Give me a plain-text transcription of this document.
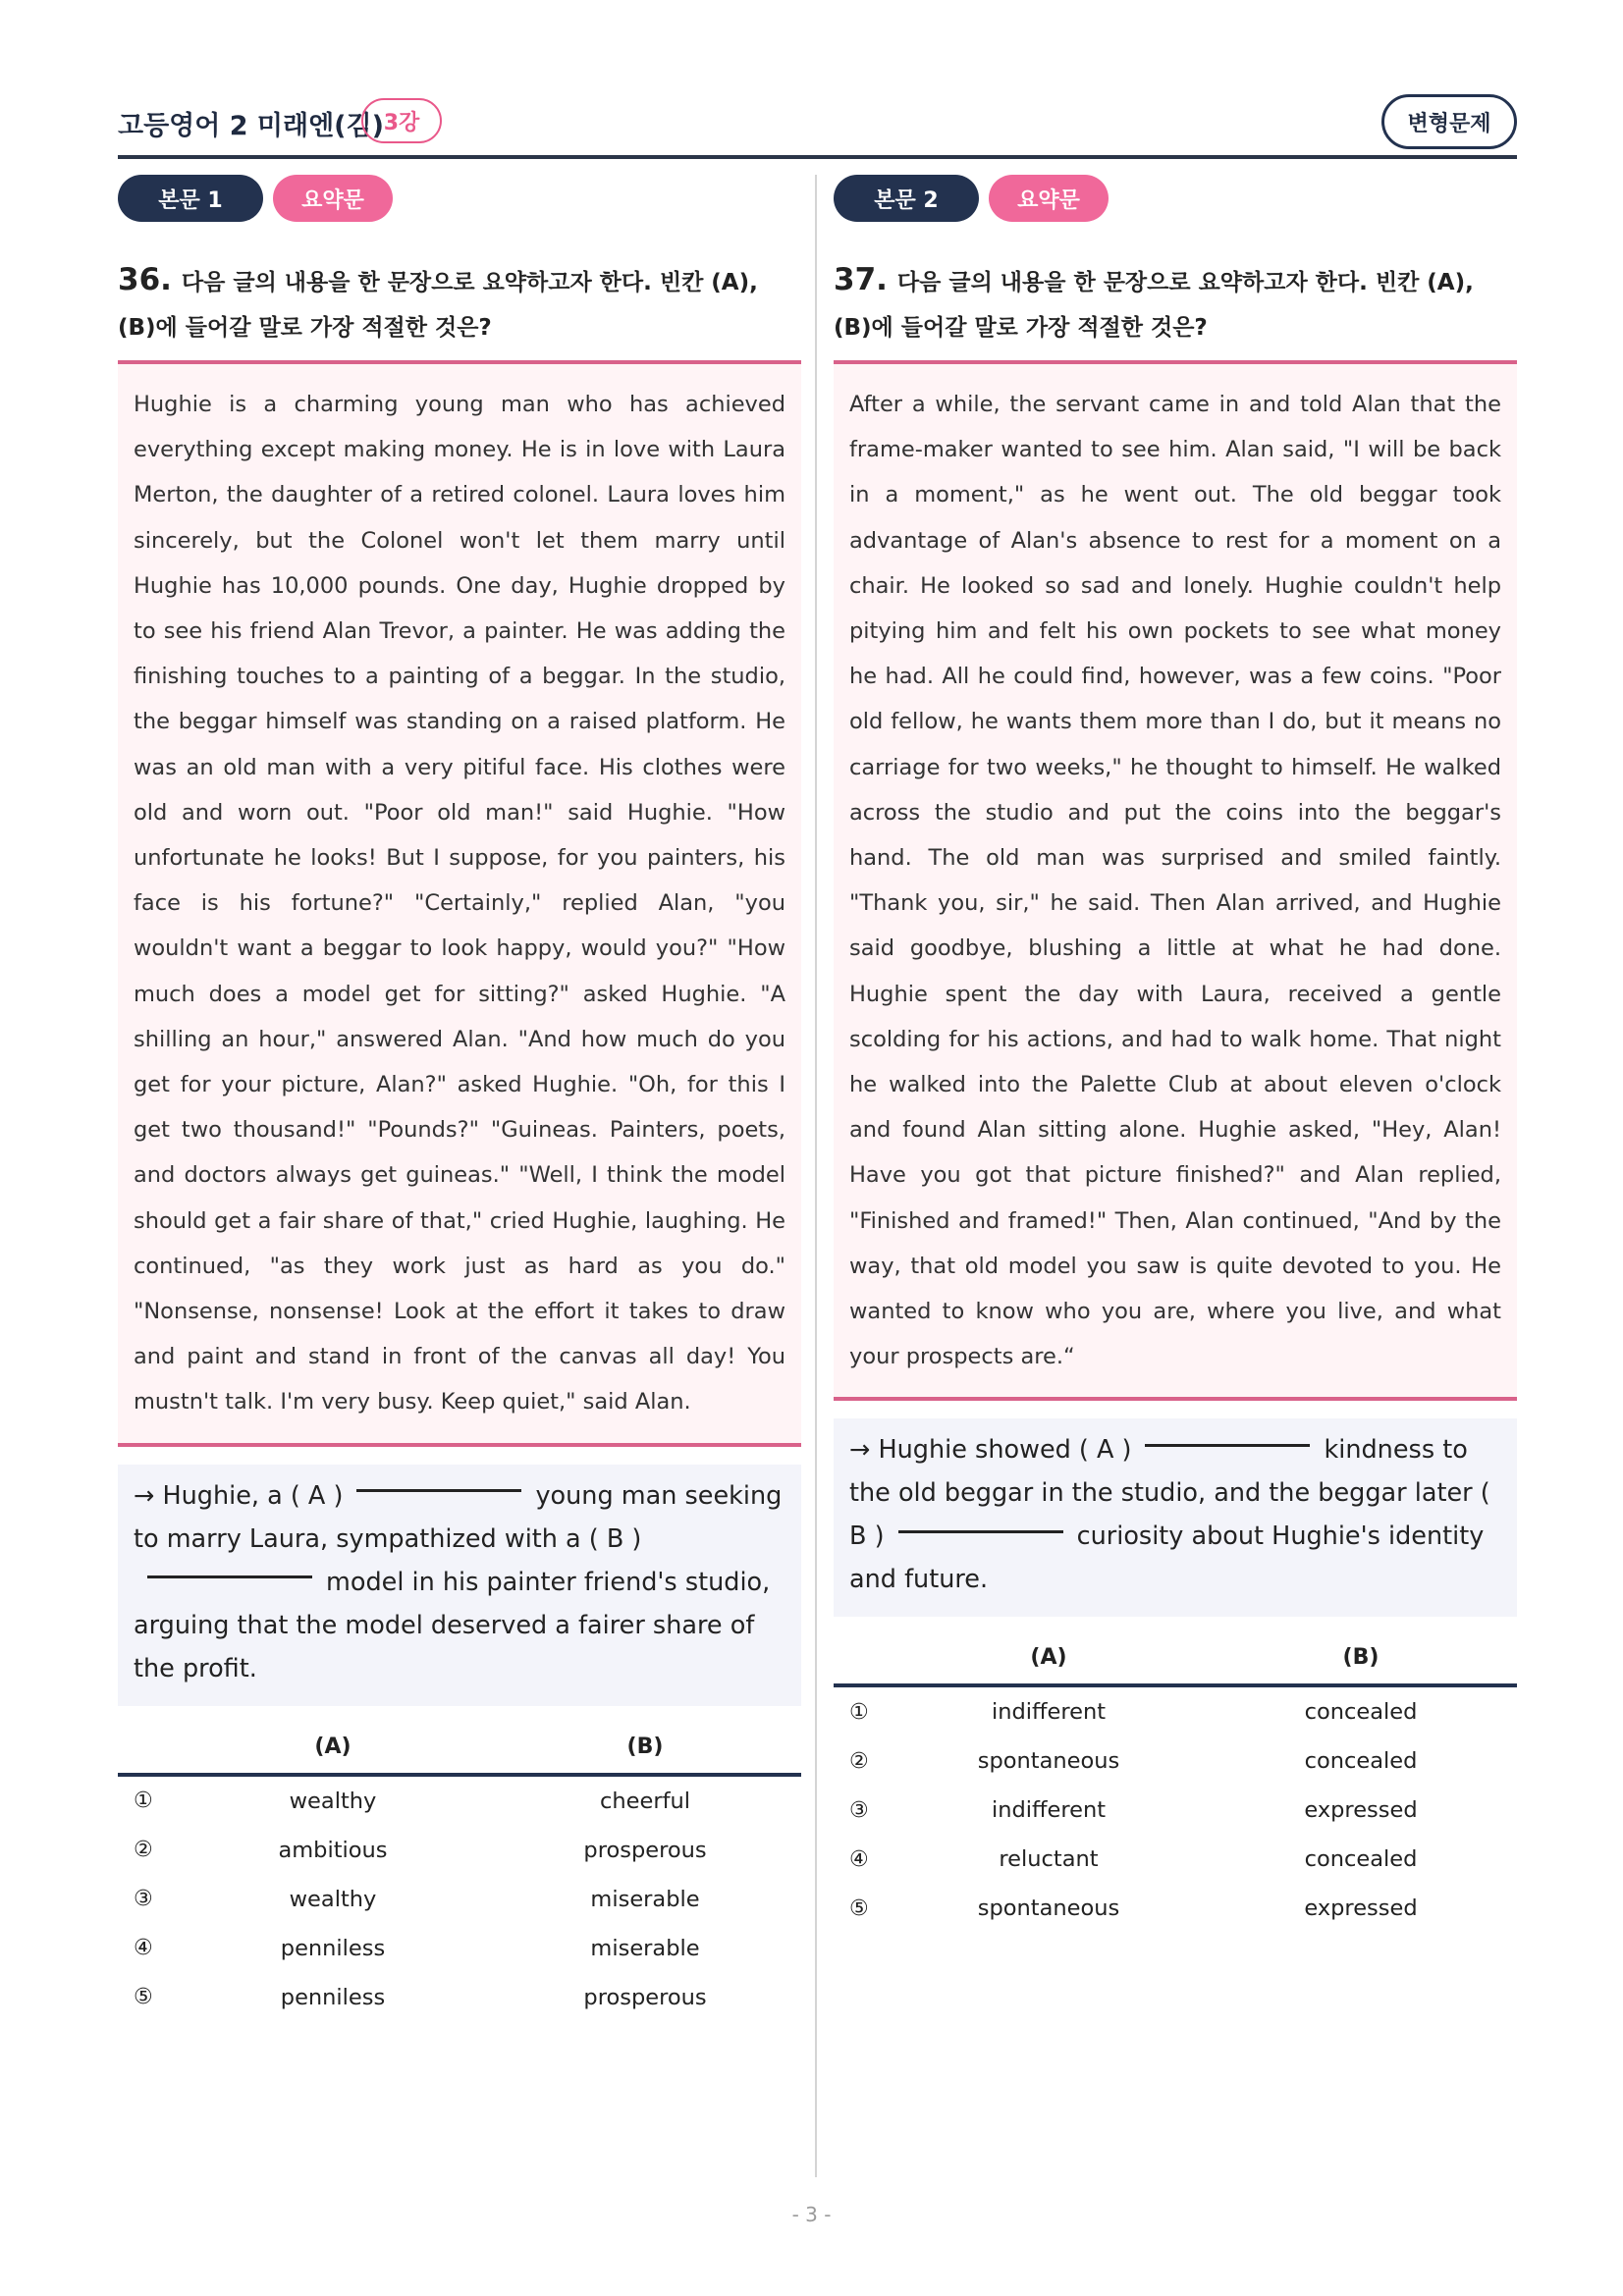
고등영어 2 미래엔(김) 3강	변형문제
본문 1	요약문
36. 다음 글의 내용을 한 문장으로 요약하고자 한다. 빈칸 (A), (B)에 들어갈 말로 가장 적절한 것은?
Hughie is a charming young man who has achieved everything except making money. He is in love with Laura Merton, the daughter of a retired colonel. Laura loves him sincerely, but the Colonel won't let them marry until Hughie has 10,000 pounds. One day, Hughie dropped by to see his friend Alan Trevor, a painter. He was adding the finishing touches to a painting of a beggar. In the studio, the beggar himself was standing on a raised platform. He was an old man with a very pitiful face. His clothes were old and worn out. "Poor old man!" said Hughie. "How unfortunate he looks! But I suppose, for you painters, his face is his fortune?" "Certainly," replied Alan, "you wouldn't want a beggar to look happy, would you?" "How much does a model get for sitting?" asked Hughie. "A shilling an hour," answered Alan. "And how much do you get for your picture, Alan?" asked Hughie. "Oh, for this I get two thousand!" "Pounds?" "Guineas. Painters, poets, and doctors always get guineas." "Well, I think the model should get a fair share of that," cried Hughie, laughing. He continued, "as they work just as hard as you do." "Nonsense, nonsense! Look at the effort it takes to draw and paint and stand in front of the canvas all day! You mustn't talk. I'm very busy. Keep quiet," said Alan.
→ Hughie, a ( A )	young man seeking to marry Laura, sympathized with a ( B )model in his painter friend's studio, arguing that the model deserved a fairer share of the profit.
(A)	(B)
①	wealthy	cheerful
②	ambitious	prosperous
③	wealthy	miserable
④	penniless	miserable
⑤	penniless	prosperous
본문 2	요약문
37. 다음 글의 내용을 한 문장으로 요약하고자 한다. 빈칸 (A), (B)에 들어갈 말로 가장 적절한 것은?
After a while, the servant came in and told Alan that the frame-maker wanted to see him. Alan said, "I will be back in a moment," as he went out. The old beggar took advantage of Alan's absence to rest for a moment on a chair. He looked so sad and lonely. Hughie couldn't help pitying him and felt his own pockets to see what money he had. All he could find, however, was a few coins. "Poor old fellow, he wants them more than I do, but it means no carriage for two weeks," he thought to himself. He walked across the studio and put the coins into the beggar's hand. The old man was surprised and smiled faintly. "Thank you, sir," he said. Then Alan arrived, and Hughie said goodbye, blushing a little at what he had done. Hughie spent the day with Laura, received a gentle scolding for his actions, and had to walk home. That night he walked into the Palette Club at about eleven o'clock and found Alan sitting alone. Hughie asked, "Hey, Alan! Have you got that picture finished?" and Alan replied, "Finished and framed!" Then, Alan continued, "And by the way, that old model you saw is quite devoted to you. He wanted to know who you are, where you live, and what your prospects are.“
→ Hughie showed ( A )	kindness to the old beggar in the studio, and the beggar later ( B )	curiosity about Hughie's identity and future.
(A)	(B)
①	indifferent	concealed
②	spontaneous	concealed
③	indifferent	expressed
④	reluctant	concealed
⑤	spontaneous	expressed
- 3 -
